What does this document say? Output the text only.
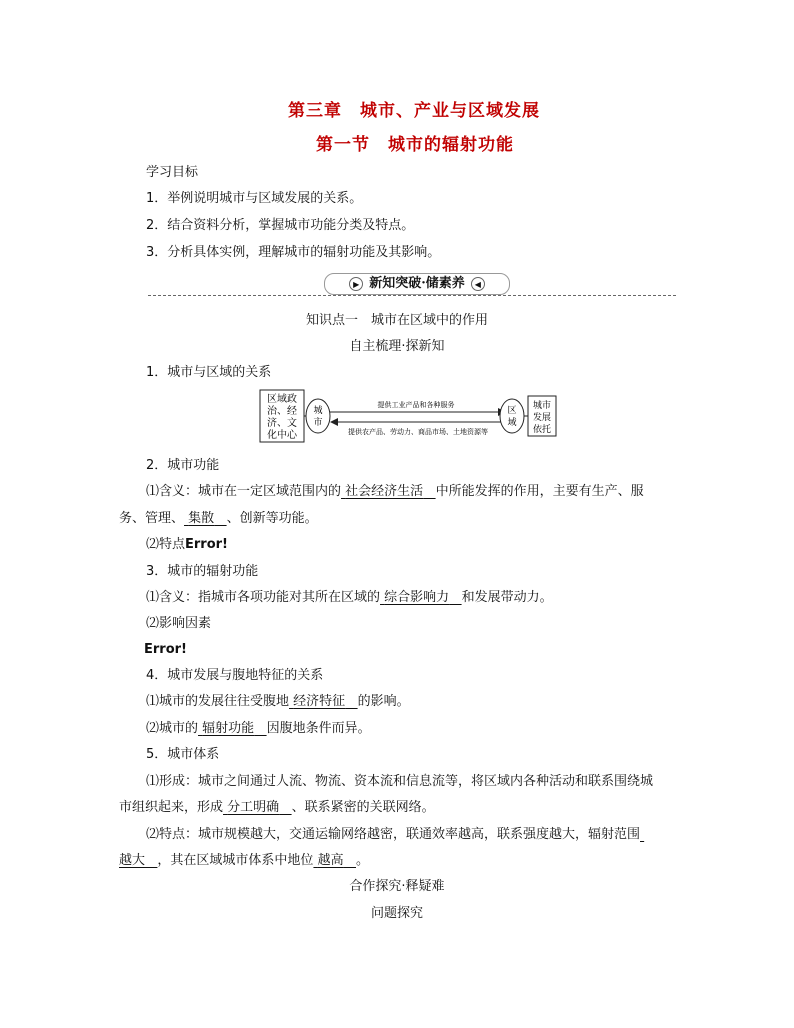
第三章　城市、产业与区域发展
第一节　城市的辐射功能
学习目标
1．举例说明城市与区域发展的关系。
2．结合资料分析，掌握城市功能分类及特点。
3．分析具体实例，理解城市的辐射功能及其影响。
▶ 新知突破·储素养 ◀
知识点一　城市在区域中的作用
自主梳理·探新知
1．城市与区域的关系
区域政
治、经
济、文
化中心
城
市
提供工业产品和各种服务
提供农产品、劳动力、商品市场、土地资源等
区
域
城市
发展
依托
2．城市功能
⑴含义：城市在一定区域范围内的 社会经济生活 中所能发挥的作用，主要有生产、服
务、管理、 集散 、创新等功能。
⑵特点Error!
3．城市的辐射功能
⑴含义：指城市各项功能对其所在区域的 综合影响力 和发展带动力。
⑵影响因素
Error!
4．城市发展与腹地特征的关系
⑴城市的发展往往受腹地 经济特征 的影响。
⑵城市的 辐射功能 因腹地条件而异。
5．城市体系
⑴形成：城市之间通过人流、物流、资本流和信息流等，将区域内各种活动和联系围绕城
市组织起来，形成 分工明确 、联系紧密的关联网络。
⑵特点：城市规模越大，交通运输网络越密，联通效率越高，联系强度越大，辐射范围
越大 ，其在区域城市体系中地位 越高 。
合作探究·释疑难
问题探究
